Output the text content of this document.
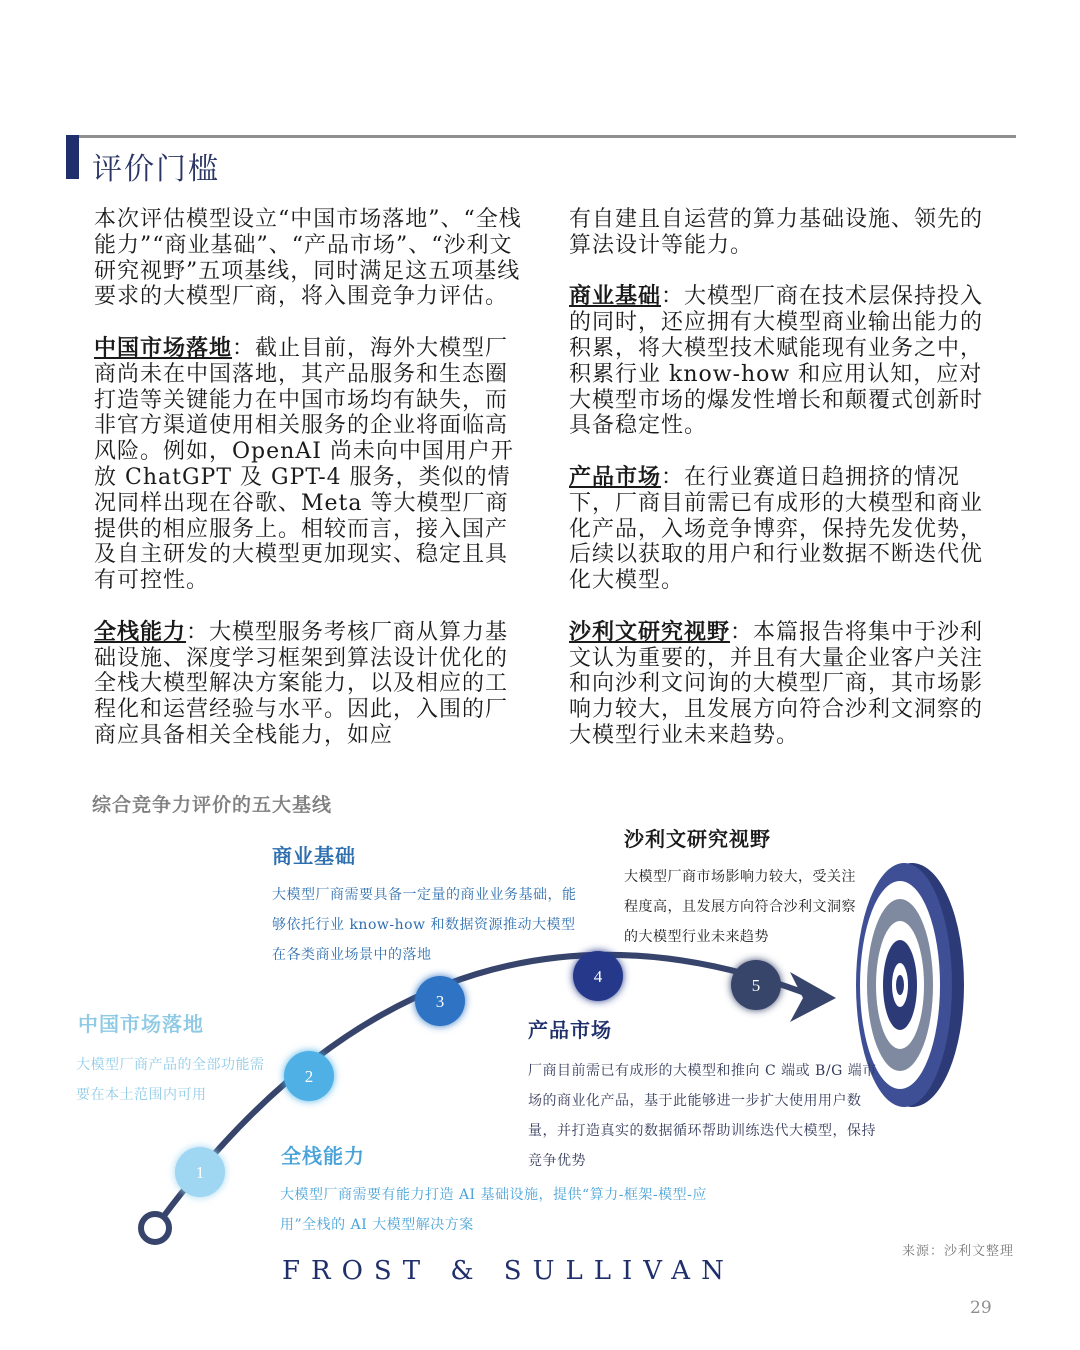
评价门槛

本次评估模型设立“中国市场落地”、“全栈能力”“商业基础”、“产品市场”、“沙利文研究视野”五项基线，同时满足这五项基线要求的大模型厂商，将入围竞争力评估。

中国市场落地：截止目前，海外大模型厂商尚未在中国落地，其产品服务和生态圈打造等关键能力在中国市场均有缺失，而非官方渠道使用相关服务的企业将面临高风险。例如，OpenAI 尚未向中国用户开放 ChatGPT 及 GPT-4 服务，类似的情况同样出现在谷歌、Meta 等大模型厂商提供的相应服务上。相较而言，接入国产及自主研发的大模型更加现实、稳定且具有可控性。

全栈能力：大模型服务考核厂商从算力基础设施、深度学习框架到算法设计优化的全栈大模型解决方案能力，以及相应的工程化和运营经验与水平。因此，入围的厂商应具备相关全栈能力，如应

有自建且自运营的算力基础设施、领先的算法设计等能力。

商业基础：大模型厂商在技术层保持投入的同时，还应拥有大模型商业输出能力的积累，将大模型技术赋能现有业务之中，积累行业 know-how 和应用认知，应对大模型市场的爆发性增长和颠覆式创新时具备稳定性。

产品市场：在行业赛道日趋拥挤的情况下，厂商目前需已有成形的大模型和商业化产品，入场竞争博弈，保持先发优势，后续以获取的用户和行业数据不断迭代优化大模型。

沙利文研究视野：本篇报告将集中于沙利文认为重要的，并且有大量企业客户关注和向沙利文问询的大模型厂商，其市场影响力较大，且发展方向符合沙利文洞察的大模型行业未来趋势。

综合竞争力评价的五大基线
1
2
3
4	5
中国市场落地
大模型厂商产品的全部功能需要在本土范围内可用
全栈能力
大模型厂商需要有能力打造 AI 基础设施，提供“算力-框架-模型-应用”全栈的 AI 大模型解决方案
商业基础
大模型厂商需要具备一定量的商业业务基础，能够依托行业 know-how 和数据资源推动大模型在各类商业场景中的落地
产品市场
厂商目前需已有成形的大模型和推向 C 端或 B/G 端市场的商业化产品，基于此能够进一步扩大使用用户数量，并打造真实的数据循环帮助训练迭代大模型，保持竞争优势
沙利文研究视野
大模型厂商市场影响力较大，受关注程度高，且发展方向符合沙利文洞察的大模型行业未来趋势
来源：沙利文整理
FROST & SULLIVAN
29
